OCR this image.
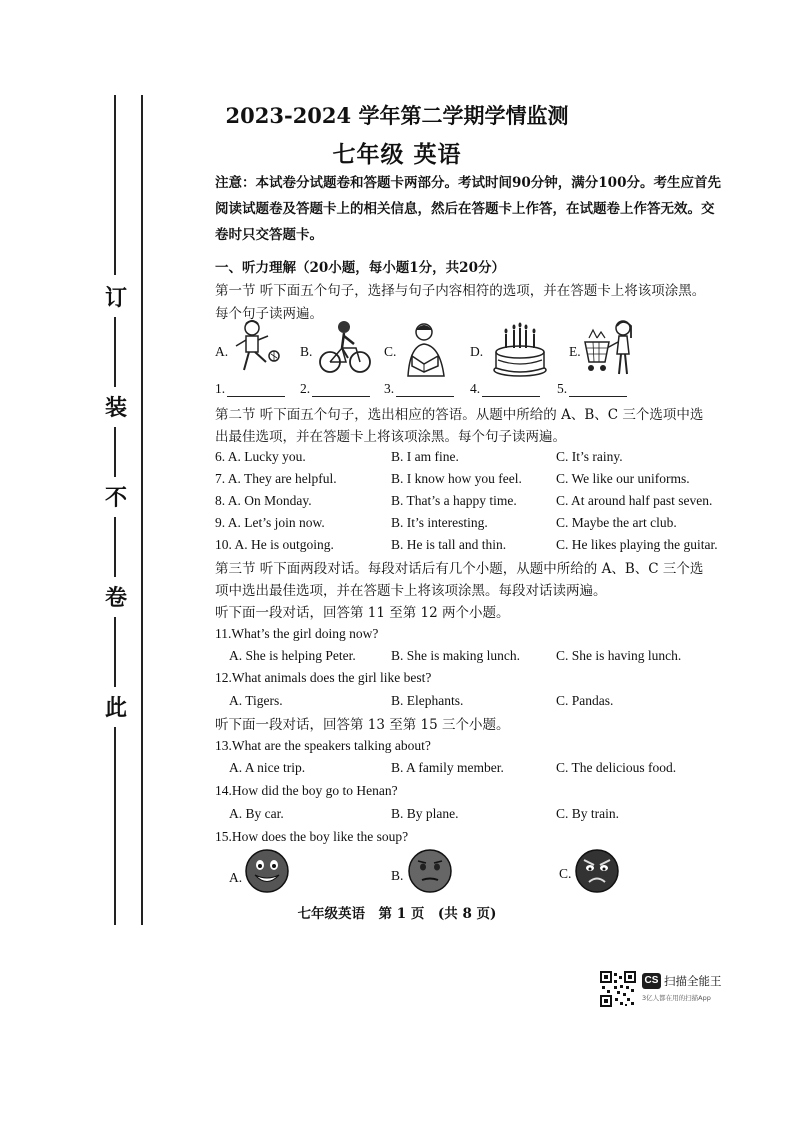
订
装
不
卷
此
2023-2024 学年第二学期学情监测
七年级 英语
注意：本试卷分试题卷和答题卡两部分。考试时间90分钟，满分100分。考生应首先阅读试题卷及答题卡上的相关信息，然后在答题卡上作答，在试题卷上作答无效。交卷时只交答题卡。
一、听力理解（20小题，每小题1分，共20分）
第一节 听下面五个句子，选择与句子内容相符的选项，并在答题卡上将该项涂黑。
每个句子读两遍。
A.	B.	C.	D.	E.
1.	2.	3.	4.	5.
第二节 听下面五个句子，选出相应的答语。从题中所给的 A、B、C 三个选项中选
出最佳选项，并在答题卡上将该项涂黑。每个句子读两遍。
6. A. Lucky you.	B. I am fine.	C. It’s rainy.
7. A. They are helpful.	B. I know how you feel.	C. We like our uniforms.
8. A. On Monday.	B. That’s a happy time.	C. At around half past seven.
9. A. Let’s join now.	B. It’s interesting.	C. Maybe the art club.
10. A. He is outgoing.	B. He is tall and thin.	C. He likes playing the guitar.
第三节 听下面两段对话。每段对话后有几个小题，从题中所给的 A、B、C 三个选
项中选出最佳选项，并在答题卡上将该项涂黑。每段对话读两遍。
听下面一段对话，回答第 11 至第 12 两个小题。
11.What’s the girl doing now?
A. She is helping Peter.	B. She is making lunch.	C. She is having lunch.
12.What animals does the girl like best?
A. Tigers.	B. Elephants.	C. Pandas.
听下面一段对话，回答第 13 至第 15 三个小题。
13.What are the speakers talking about?
A. A nice trip.	B. A family member.	C. The delicious food.
14.How did the boy go to Henan?
A. By car.	B. By plane.	C. By train.
15.How does the boy like the soup?
A.	B.	C.
七年级英语　第 1 页　(共 8 页)
CS 扫描全能王
3亿人都在用的扫描App
